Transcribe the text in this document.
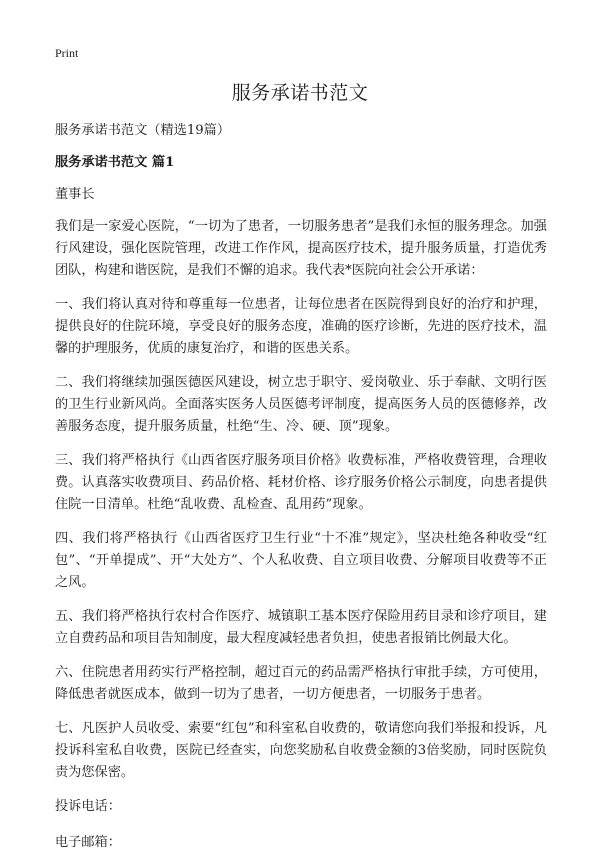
Print
服务承诺书范文

服务承诺书范文（精选19篇）

服务承诺书范文 篇1

董事长

我们是一家爱心医院，“一切为了患者，一切服务患者”是我们永恒的服务理念。加强行风建设，强化医院管理，改进工作作风，提高医疗技术，提升服务质量，打造优秀团队，构建和谐医院，是我们不懈的追求。我代表*医院向社会公开承诺：

一、我们将认真对待和尊重每一位患者，让每位患者在医院得到良好的治疗和护理，提供良好的住院环境，享受良好的服务态度，准确的医疗诊断，先进的医疗技术，温馨的护理服务，优质的康复治疗，和谐的医患关系。

二、我们将继续加强医德医风建设，树立忠于职守、爱岗敬业、乐于奉献、文明行医的卫生行业新风尚。全面落实医务人员医德考评制度，提高医务人员的医德修养，改善服务态度，提升服务质量，杜绝“生、冷、硬、顶”现象。

三、我们将严格执行《山西省医疗服务项目价格》收费标准，严格收费管理，合理收费。认真落实收费项目、药品价格、耗材价格、诊疗服务价格公示制度，向患者提供住院一日清单。杜绝“乱收费、乱检查、乱用药”现象。

四、我们将严格执行《山西省医疗卫生行业“十不准”规定》，坚决杜绝各种收受“红包”、“开单提成”、开“大处方”、个人私收费、自立项目收费、分解项目收费等不正之风。

五、我们将严格执行农村合作医疗、城镇职工基本医疗保险用药目录和诊疗项目，建立自费药品和项目告知制度，最大程度减轻患者负担，使患者报销比例最大化。

六、住院患者用药实行严格控制，超过百元的药品需严格执行审批手续，方可使用，降低患者就医成本，做到一切为了患者，一切方便患者，一切服务于患者。

七、凡医护人员收受、索要“红包”和科室私自收费的，敬请您向我们举报和投诉，凡投诉科室私自收费，医院已经查实，向您奖励私自收费金额的3倍奖励，同时医院负责为您保密。

投诉电话：

电子邮箱：
